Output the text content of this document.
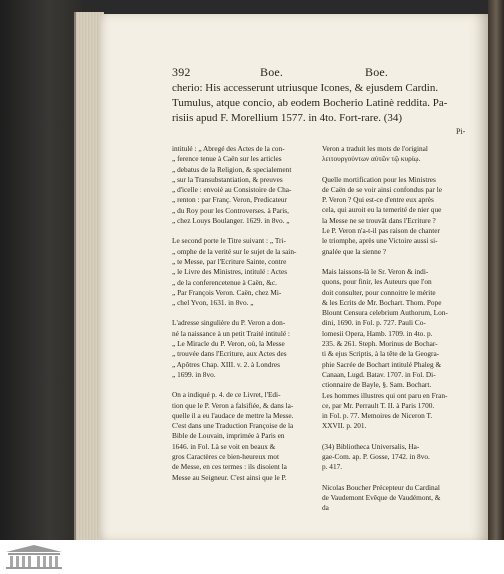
392	Boe.	Boe.
cherio: His accesserunt utriusque Icones, & ejusdem Cardin.
Tumulus, atque concio, ab eodem Bocherio Latinè reddita. Pa-
risiis apud F. Morellium 1577. in 4to. Fort-rare. (34)
Pi-

intitulé : „ Abregé des Actes de la con-
„ ference tenue à Caën sur les articles
„ debatus de la Religion, & specialement
„ sur la Transubstantiation, & preuves
„ d'icelle : envoié au Consistoire de Cha-
„ renton : par Franç. Veron, Predicateur
„ du Roy pour les Controverses. à Paris,
„ chez Louys Boulanger. 1629. in 8vo. „

Le second porte le Titre suivant : „ Tri-
„ omphe de la verité sur le sujet de la sain-
„ te Messe, par l'Ecriture Sainte, contre
„ le Livre des Ministres, intitulé : Actes
„ de la conferencetenue à Caën, &c.
„ Par François Veron. Caën, chez Mi-
„ chel Yvon, 1631. in 8vo. „

L'adresse singulière du P. Veron a don-
né la naissance à un petit Traité intitulé :
„ Le Miracle du P. Veron, où, la Messe
„ trouvée dans l'Ecriture, aux Actes des
„ Apôtres Chap. XIII. v. 2. à Londres
„ 1699. in 8vo.

On a indiqué p. 4. de ce Livret, l'Edi-
tion que le P. Veron a falsifiée, & dans la-
quelle il a eu l'audace de mettre la Messe.
C'est dans une Traduction Françoise de la
Bible de Louvain, imprimée à Paris en
1646. in Fol. Là se voit en beaux &
gros Caractères ce bien-heureux mot
de Messe, en ces termes : ils disoient la
Messe au Seigneur. C'est ainsi que le P.

Veron a traduit les mots de l'original
λειτουργούντων αὐτῶν τῷ κυρίῳ.

Quelle mortification pour les Ministres
de Caën de se voir ainsi confondus par le
P. Veron ? Qui est-ce d'entre eux après
cela, qui auroit eu la temerité de nier que
la Messe ne se trouvât dans l'Ecriture ?
Le P. Veron n'a-t-il pas raison de chanter
le triomphe, après une Victoire aussi si-
gnalée que la sienne ?

Mais laissons-là le Sr. Veron & indi-
quons, pour finir, les Auteurs que l'on
doit consulter, pour connoitre le mérite
& les Ecrits de Mr. Bochart. Thom. Pope
Blount Censura celebrium Authorum, Lon-
dini, 1690. in Fol. p. 727. Pauli Co-
lomesii Opera, Hamb. 1709. in 4to. p.
235. & 261. Steph. Morinus de Bochar-
ti & ejus Scriptis, à la tête de la Geogra-
phie Sacrée de Bochart intitulé Phaleg &
Canaan, Lugd. Batav. 1707. in Fol. Di-
ctionnaire de Bayle, §. Sam. Bochart.
Les hommes illustres qui ont paru en Fran-
ce, par Mr. Perrault T. II. à Paris 1700.
in Fol. p. 77. Memoires de Niceron T.
XXVII. p. 201.

(34) Bibliotheca Universalis, Ha-
gae-Com. ap. P. Gosse, 1742. in 8vo.
p. 417.

Nicolas Boucher Précepteur du Cardinal
de Vaudemont Evêque de Vaudémont, &
da
